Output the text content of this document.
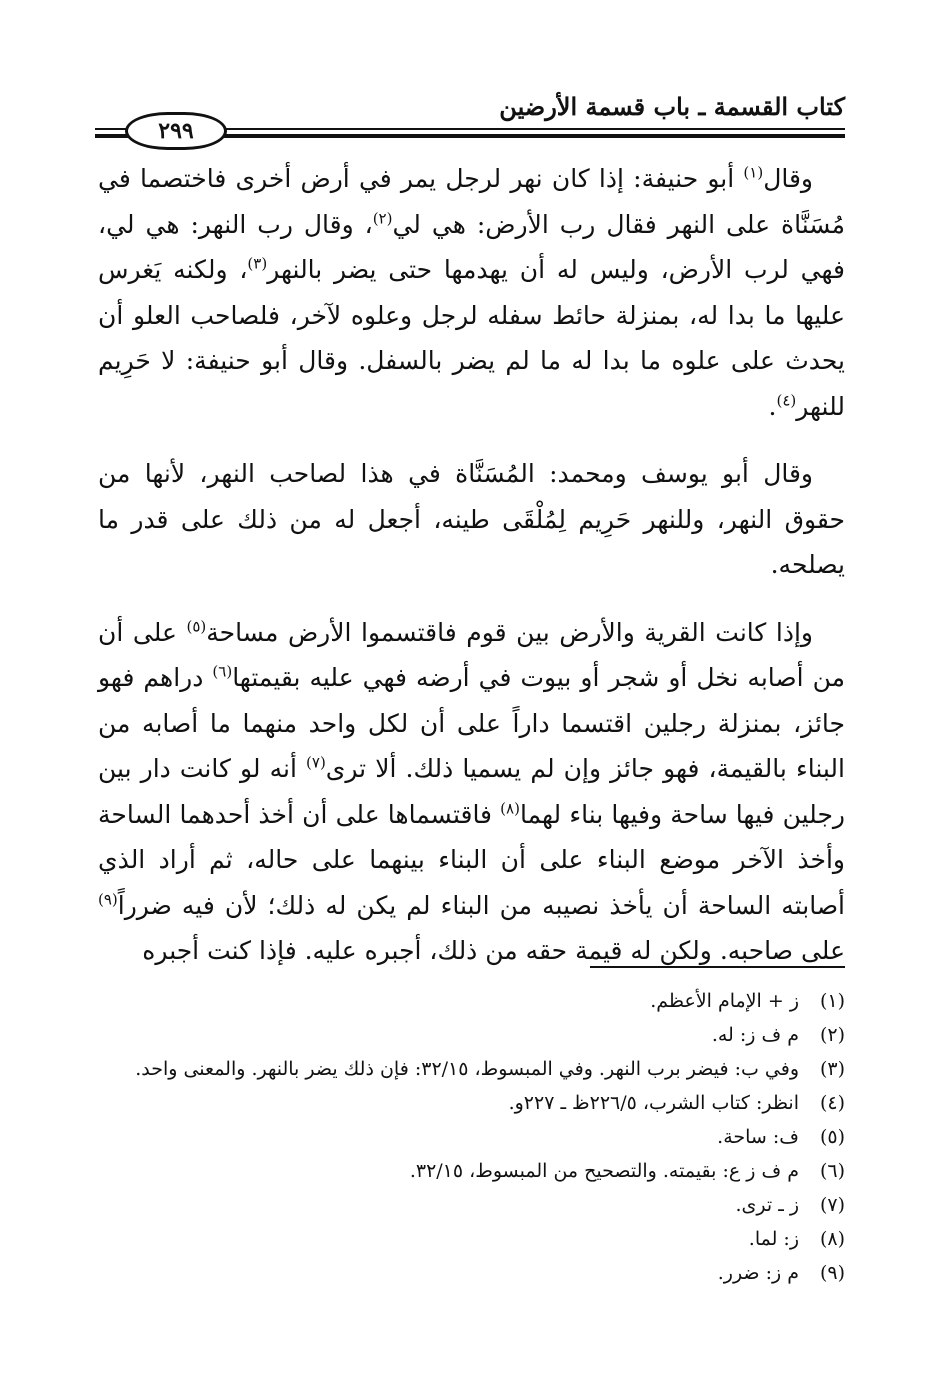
كتاب القسمة ـ باب قسمة الأرضين
٢٩٩

وقال$^{(١)}$ أبو حنيفة: إذا كان نهر لرجل يمر في أرض أخرى فاختصما في مُسَنَّاة على النهر فقال رب الأرض: هي لي$^{(٢)}$، وقال رب النهر: هي لي، فهي لرب الأرض، وليس له أن يهدمها حتى يضر بالنهر$^{(٣)}$، ولكنه يَغرس عليها ما بدا له، بمنزلة حائط سفله لرجل وعلوه لآخر، فلصاحب العلو أن يحدث على علوه ما بدا له ما لم يضر بالسفل. وقال أبو حنيفة: لا حَرِيم للنهر$^{(٤)}$.

وقال أبو يوسف ومحمد: المُسَنَّاة في هذا لصاحب النهر، لأنها من حقوق النهر، وللنهر حَرِيم لِمُلْقَى طينه، أجعل له من ذلك على قدر ما يصلحه.

وإذا كانت القرية والأرض بين قوم فاقتسموا الأرض مساحة$^{(٥)}$ على أن من أصابه نخل أو شجر أو بيوت في أرضه فهي عليه بقيمتها$^{(٦)}$ دراهم فهو جائز، بمنزلة رجلين اقتسما داراً على أن لكل واحد منهما ما أصابه من البناء بالقيمة، فهو جائز وإن لم يسميا ذلك. ألا ترى$^{(٧)}$ أنه لو كانت دار بين رجلين فيها ساحة وفيها بناء لهما$^{(٨)}$ فاقتسماها على أن أخذ أحدهما الساحة وأخذ الآخر موضع البناء على أن البناء بينهما على حاله، ثم أراد الذي أصابته الساحة أن يأخذ نصيبه من البناء لم يكن له ذلك؛ لأن فيه ضرراً$^{(٩)}$ على صاحبه. ولكن له قيمة حقه من ذلك، أجبره عليه. فإذا كنت أجبره

(١)
ز + الإمام الأعظم.
(٢)
م ف ز: له.
(٣)
وفي ب: فيضر برب النهر. وفي المبسوط، ٣٢/١٥: فإن ذلك يضر بالنهر. والمعنى واحد.
(٤)
انظر: كتاب الشرب، ٢٢٦/٥ظ ـ ٢٢٧و.
(٥)
ف: ساحة.
(٦)
م ف ز ع: بقيمته. والتصحيح من المبسوط، ٣٢/١٥.
(٧)
ز ـ ترى.
(٨)
ز: لما.
(٩)
م ز: ضرر.
